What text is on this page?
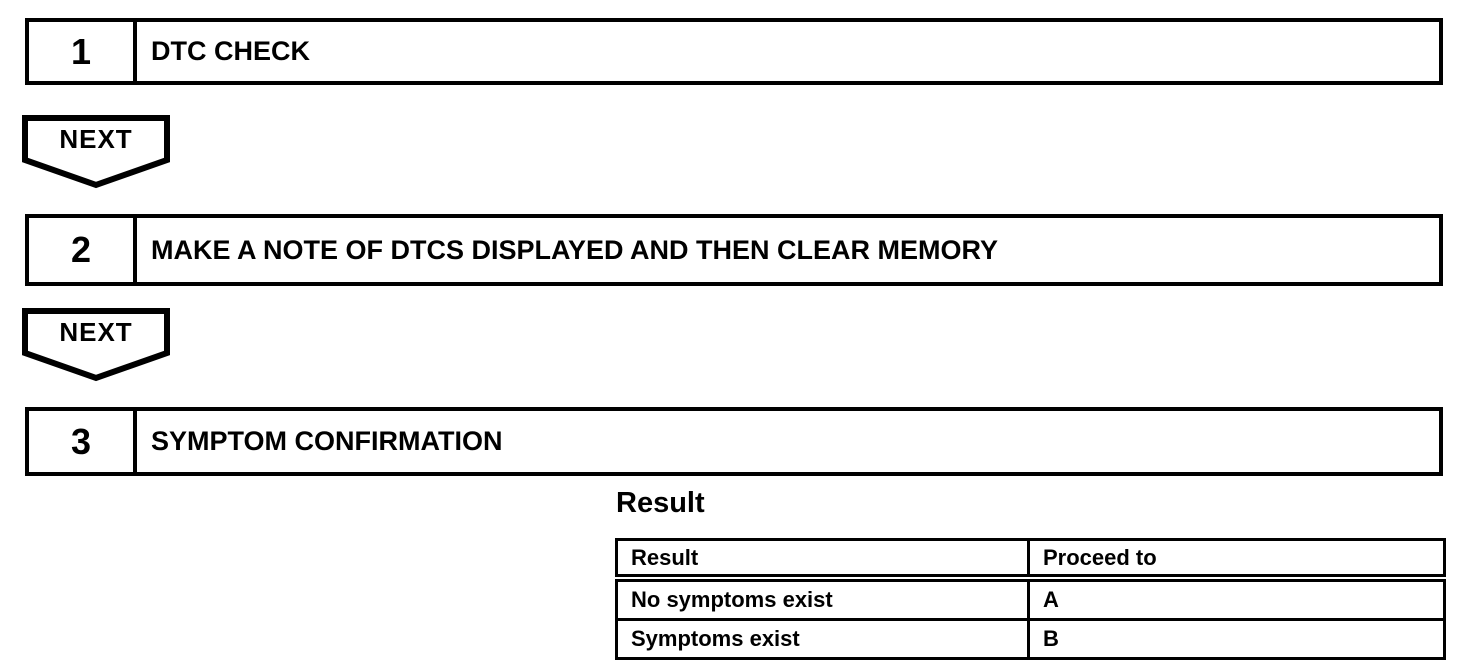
1 DTC CHECK
NEXT
2 MAKE A NOTE OF DTCS DISPLAYED AND THEN CLEAR MEMORY
NEXT
3 SYMPTOM CONFIRMATION
Result
Result	Proceed to
No symptoms exist	A
Symptoms exist	B
